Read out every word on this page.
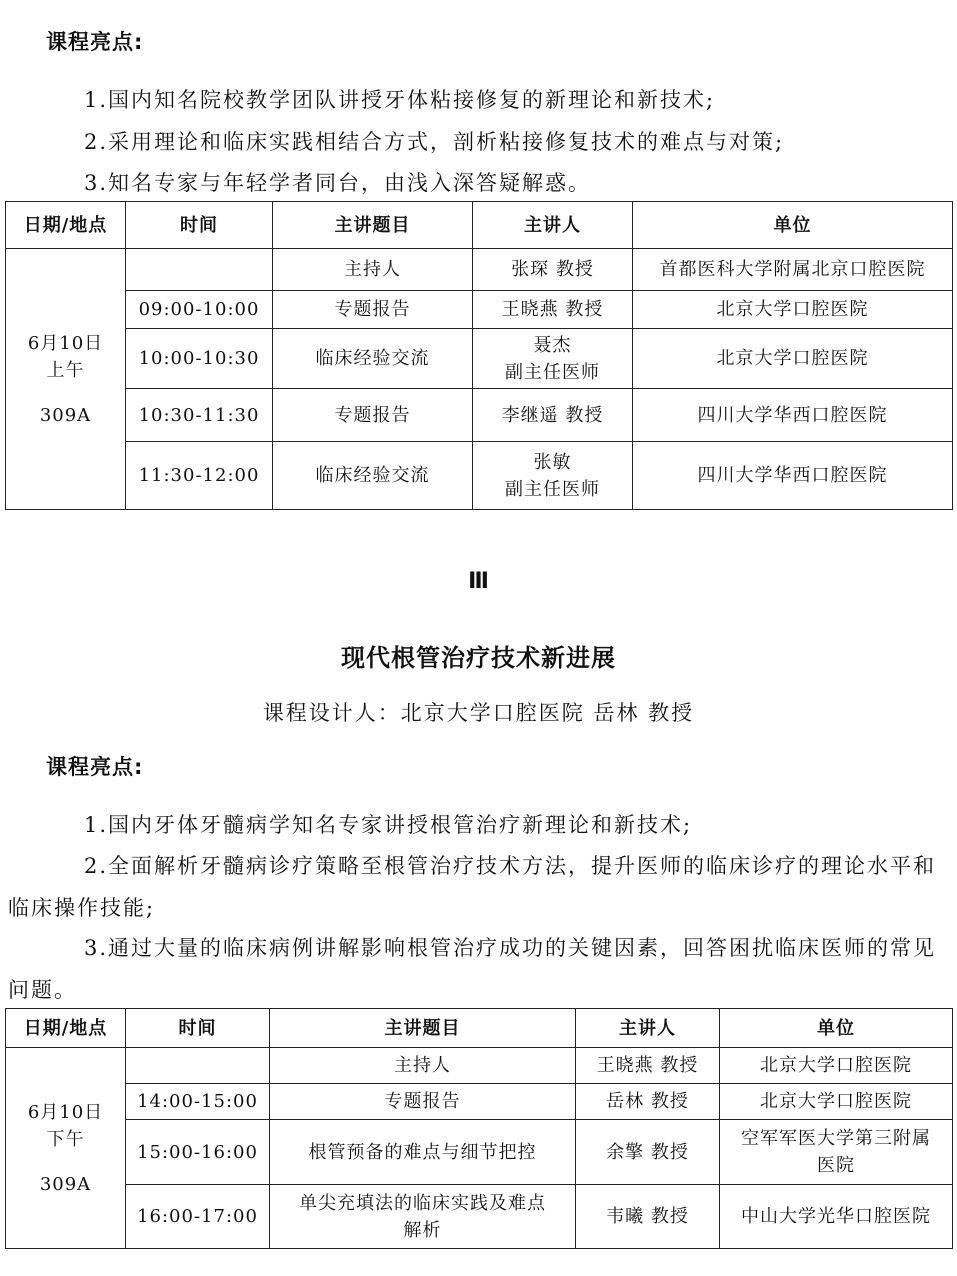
课程亮点:
1.国内知名院校教学团队讲授牙体粘接修复的新理论和新技术;
2.采用理论和临床实践相结合方式，剖析粘接修复技术的难点与对策;
3.知名专家与年轻学者同台，由浅入深答疑解惑。
日期/地点	时间	主讲题目	主讲人	单位

6月10日
上午
309A		主持人	张琛 教授	首都医科大学附属北京口腔医院
	09:00-10:00	专题报告	王晓燕 教授	北京大学口腔医院
	10:00-10:30	临床经验交流	聂杰
副主任医师	北京大学口腔医院
	10:30-11:30	专题报告	李继遥 教授	四川大学华西口腔医院
	11:30-12:00	临床经验交流	张敏
副主任医师	四川大学华西口腔医院
Ⅲ
现代根管治疗技术新进展
课程设计人：北京大学口腔医院 岳林 教授
课程亮点:
1.国内牙体牙髓病学知名专家讲授根管治疗新理论和新技术;
2.全面解析牙髓病诊疗策略至根管治疗技术方法，提升医师的临床诊疗的理论水平和临床操作技能;
3.通过大量的临床病例讲解影响根管治疗成功的关键因素，回答困扰临床医师的常见问题。
日期/地点	时间	主讲题目	主讲人	单位

6月10日
下午
309A		主持人	王晓燕 教授	北京大学口腔医院
	14:00-15:00	专题报告	岳林 教授	北京大学口腔医院
	15:00-16:00	根管预备的难点与细节把控	余擎 教授	空军军医大学第三附属
医院

	16:00-17:00	单尖充填法的临床实践及难点
解析	韦曦 教授	中山大学光华口腔医院
